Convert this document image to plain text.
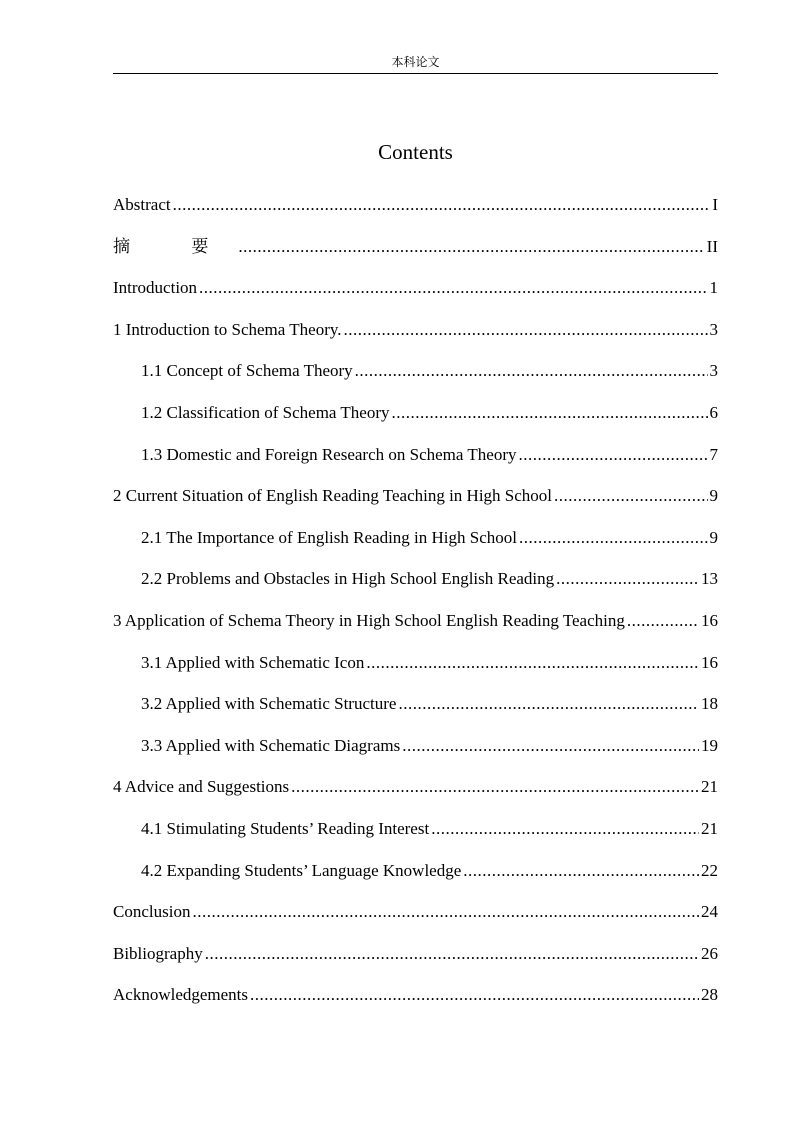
本科论文
Contents
Abstract .....	I
摘 要 .....	II
Introduction .....	1
1 Introduction to Schema Theory. .....	3
1.1 Concept of Schema Theory .....	3
1.2 Classification of Schema Theory .....	6
1.3 Domestic and Foreign Research on Schema Theory .....	7
2 Current Situation of English Reading Teaching in High School .....	9
2.1 The Importance of English Reading in High School .....	9
2.2 Problems and Obstacles in High School English Reading .....	13
3 Application of Schema Theory in High School English Reading Teaching .....	16
3.1 Applied with Schematic Icon .....	16
3.2 Applied with Schematic Structure .....	18
3.3 Applied with Schematic Diagrams .....	19
4 Advice and Suggestions .....	21
4.1 Stimulating Students’ Reading Interest .....	21
4.2 Expanding Students’ Language Knowledge .....	22
Conclusion .....	24
Bibliography .....	26
Acknowledgements .....	28
